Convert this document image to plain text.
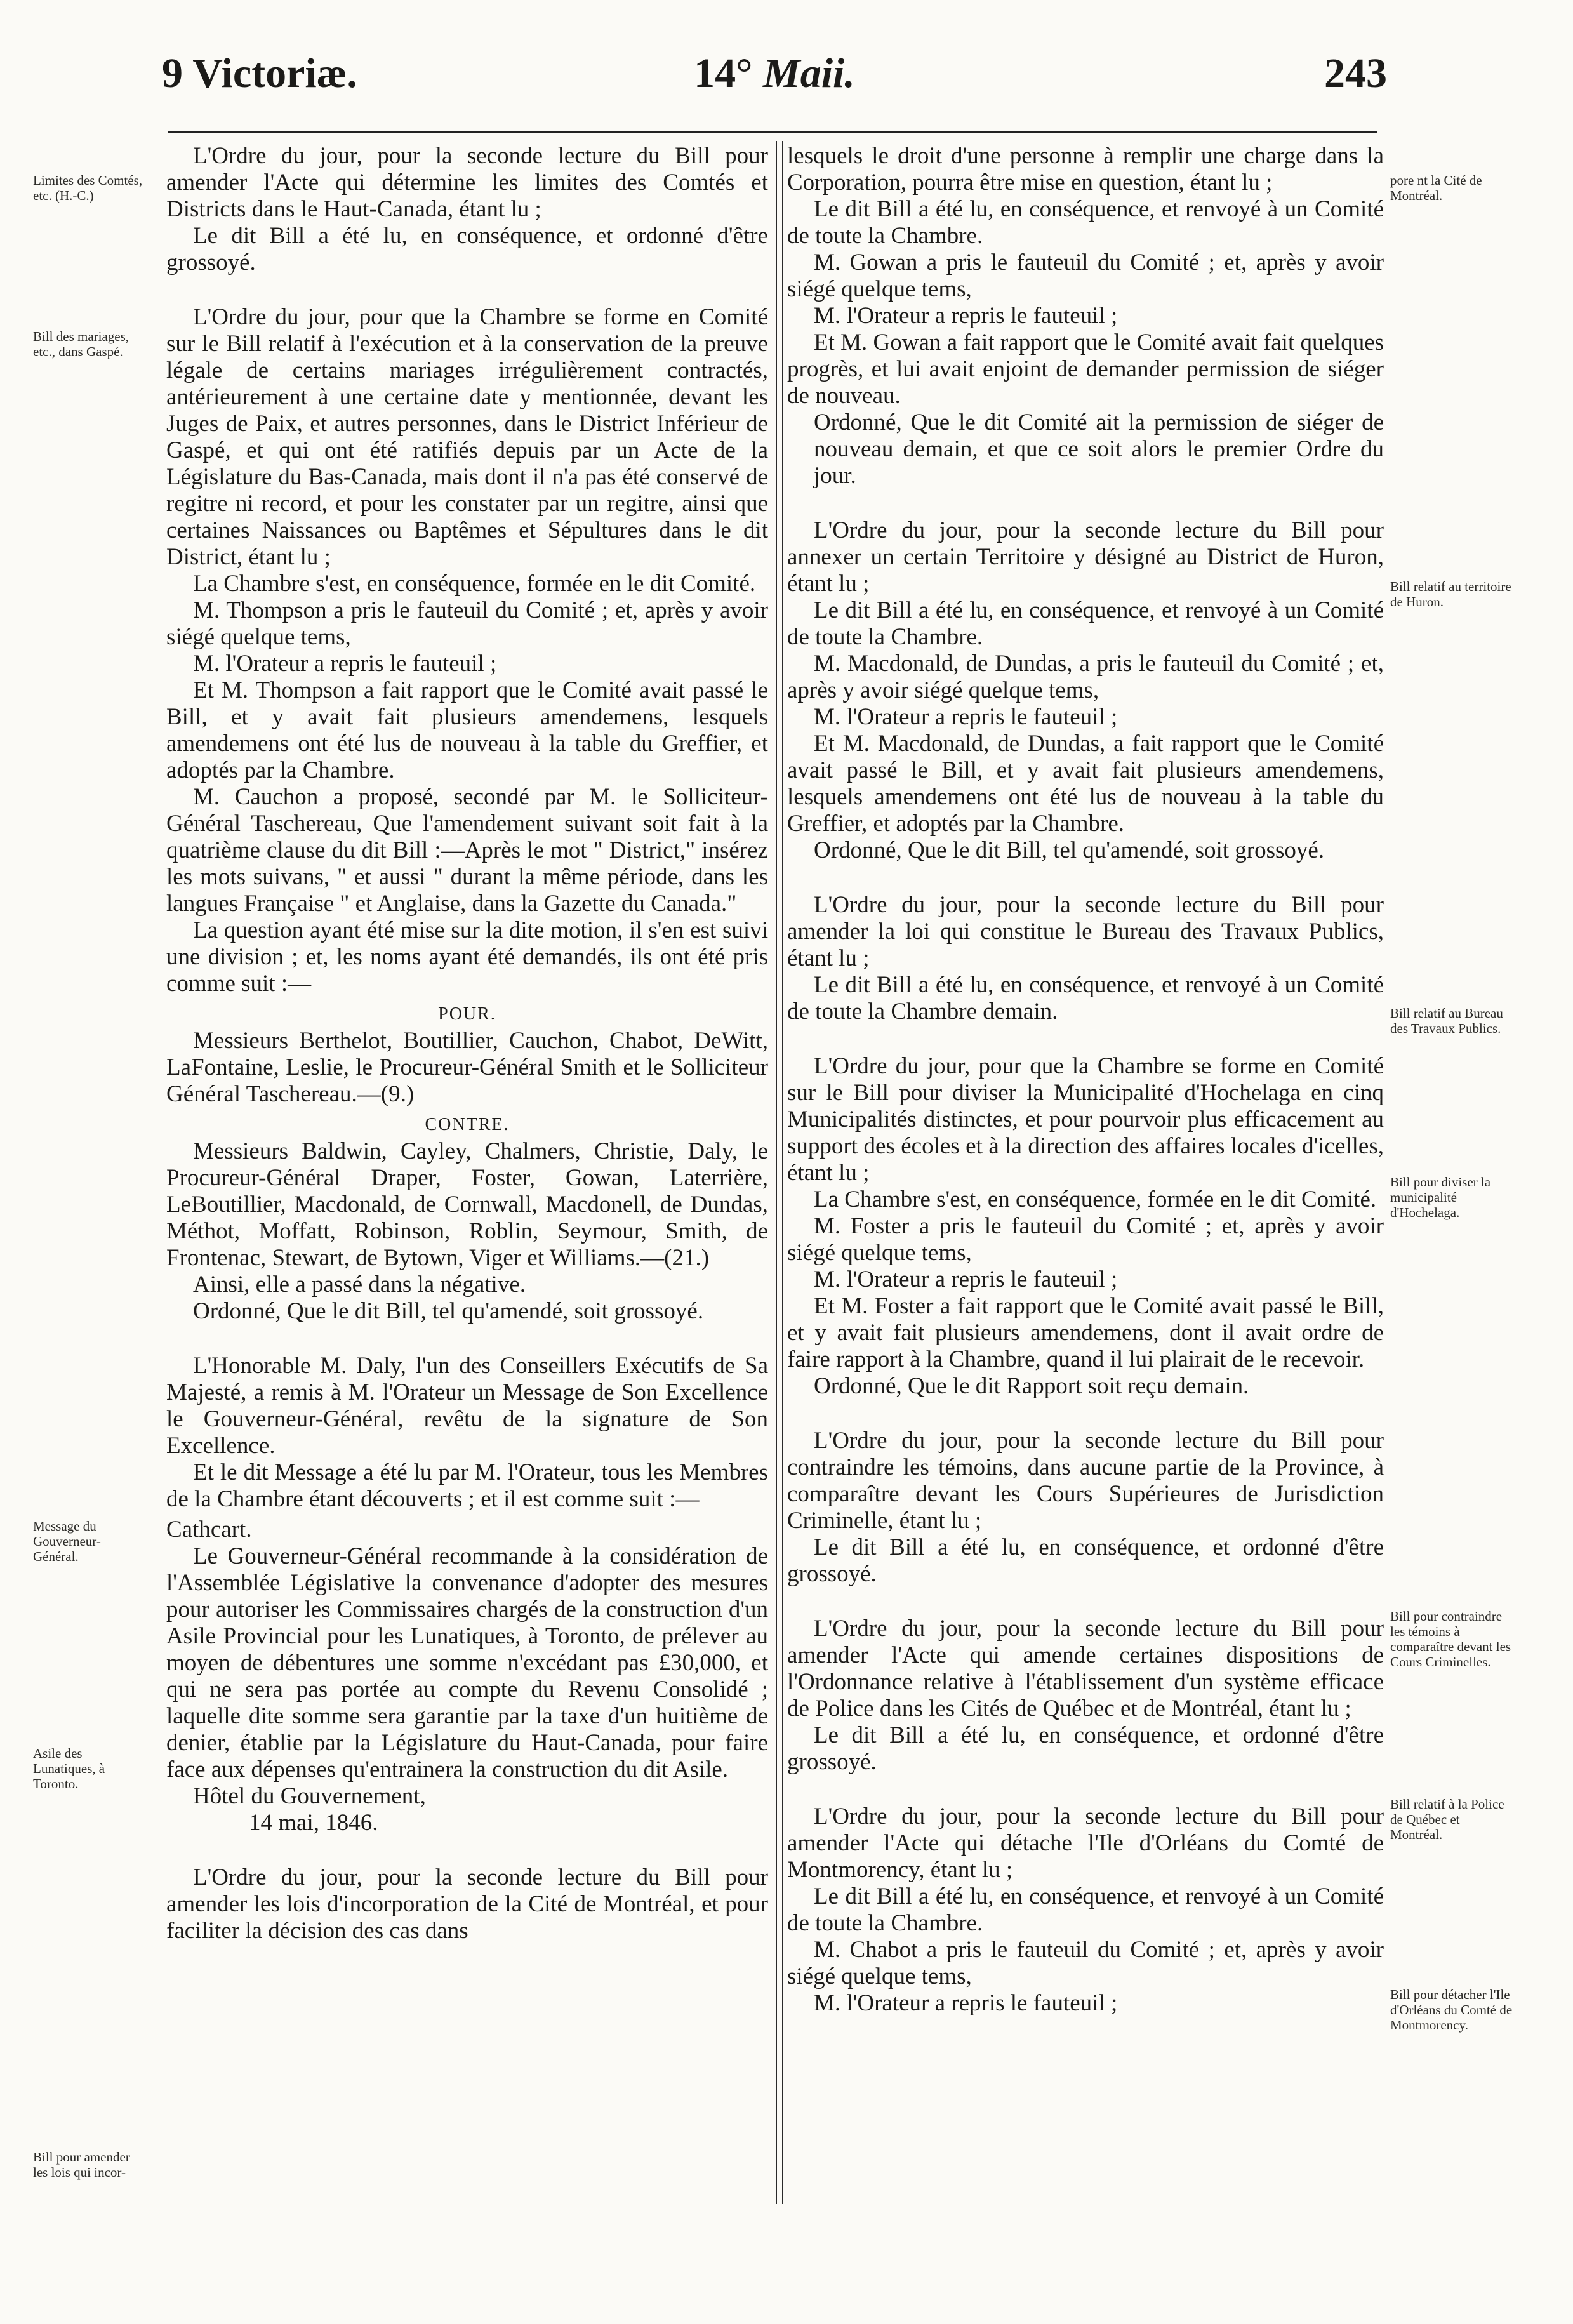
9 Victoriæ.	14° Maii.	243

L'Ordre du jour, pour la seconde lecture du Bill pour amender l'Acte qui détermine les limites des Comtés et Districts dans le Haut-Canada, étant lu ;

Le dit Bill a été lu, en conséquence, et ordonné d'être grossoyé.

L'Ordre du jour, pour que la Chambre se forme en Comité sur le Bill relatif à l'exécution et à la conservation de la preuve légale de certains mariages irrégulièrement contractés, antérieurement à une certaine date y mentionnée, devant les Juges de Paix, et autres personnes, dans le District Inférieur de Gaspé, et qui ont été ratifiés depuis par un Acte de la Législature du Bas-Canada, mais dont il n'a pas été conservé de regitre ni record, et pour les constater par un regitre, ainsi que certaines Naissances ou Baptêmes et Sépultures dans le dit District, étant lu ;

La Chambre s'est, en conséquence, formée en le dit Comité.

M. Thompson a pris le fauteuil du Comité ; et, après y avoir siégé quelque tems,

M. l'Orateur a repris le fauteuil ;

Et M. Thompson a fait rapport que le Comité avait passé le Bill, et y avait fait plusieurs amendemens, lesquels amendemens ont été lus de nouveau à la table du Greffier, et adoptés par la Chambre.

M. Cauchon a proposé, secondé par M. le Solliciteur-Général Taschereau, Que l'amendement suivant soit fait à la quatrième clause du dit Bill :—Après le mot " District," insérez les mots suivans, " et aussi " durant la même période, dans les langues Française " et Anglaise, dans la Gazette du Canada."

La question ayant été mise sur la dite motion, il s'en est suivi une division ; et, les noms ayant été demandés, ils ont été pris comme suit :—

POUR.

Messieurs Berthelot, Boutillier, Cauchon, Chabot, DeWitt, LaFontaine, Leslie, le Procureur-Général Smith et le Solliciteur Général Taschereau.—(9.)

CONTRE.

Messieurs Baldwin, Cayley, Chalmers, Christie, Daly, le Procureur-Général Draper, Foster, Gowan, Laterrière, LeBoutillier, Macdonald, de Cornwall, Macdonell, de Dundas, Méthot, Moffatt, Robinson, Roblin, Seymour, Smith, de Frontenac, Stewart, de Bytown, Viger et Williams.—(21.)

Ainsi, elle a passé dans la négative.

Ordonné, Que le dit Bill, tel qu'amendé, soit grossoyé.

L'Honorable M. Daly, l'un des Conseillers Exécutifs de Sa Majesté, a remis à M. l'Orateur un Message de Son Excellence le Gouverneur-Général, revêtu de la signature de Son Excellence.

Et le dit Message a été lu par M. l'Orateur, tous les Membres de la Chambre étant découverts ; et il est comme suit :—

Cathcart.

Le Gouverneur-Général recommande à la considération de l'Assemblée Législative la convenance d'adopter des mesures pour autoriser les Commissaires chargés de la construction d'un Asile Provincial pour les Lunatiques, à Toronto, de prélever au moyen de débentures une somme n'excédant pas £30,000, et qui ne sera pas portée au compte du Revenu Consolidé ; laquelle dite somme sera garantie par la taxe d'un huitième de denier, établie par la Législature du Haut-Canada, pour faire face aux dépenses qu'entrainera la construction du dit Asile.

Hôtel du Gouvernement,

14 mai, 1846.

L'Ordre du jour, pour la seconde lecture du Bill pour amender les lois d'incorporation de la Cité de Montréal, et pour faciliter la décision des cas dans

lesquels le droit d'une personne à remplir une charge dans la Corporation, pourra être mise en question, étant lu ;

Le dit Bill a été lu, en conséquence, et renvoyé à un Comité de toute la Chambre.

M. Gowan a pris le fauteuil du Comité ; et, après y avoir siégé quelque tems,

M. l'Orateur a repris le fauteuil ;

Et M. Gowan a fait rapport que le Comité avait fait quelques progrès, et lui avait enjoint de demander permission de siéger de nouveau.

Ordonné, Que le dit Comité ait la permission de siéger de nouveau demain, et que ce soit alors le premier Ordre du jour.

L'Ordre du jour, pour la seconde lecture du Bill pour annexer un certain Territoire y désigné au District de Huron, étant lu ;

Le dit Bill a été lu, en conséquence, et renvoyé à un Comité de toute la Chambre.

M. Macdonald, de Dundas, a pris le fauteuil du Comité ; et, après y avoir siégé quelque tems,

M. l'Orateur a repris le fauteuil ;

Et M. Macdonald, de Dundas, a fait rapport que le Comité avait passé le Bill, et y avait fait plusieurs amendemens, lesquels amendemens ont été lus de nouveau à la table du Greffier, et adoptés par la Chambre.

Ordonné, Que le dit Bill, tel qu'amendé, soit grossoyé.

L'Ordre du jour, pour la seconde lecture du Bill pour amender la loi qui constitue le Bureau des Travaux Publics, étant lu ;

Le dit Bill a été lu, en conséquence, et renvoyé à un Comité de toute la Chambre demain.

L'Ordre du jour, pour que la Chambre se forme en Comité sur le Bill pour diviser la Municipalité d'Hochelaga en cinq Municipalités distinctes, et pour pourvoir plus efficacement au support des écoles et à la direction des affaires locales d'icelles, étant lu ;

La Chambre s'est, en conséquence, formée en le dit Comité.

M. Foster a pris le fauteuil du Comité ; et, après y avoir siégé quelque tems,

M. l'Orateur a repris le fauteuil ;

Et M. Foster a fait rapport que le Comité avait passé le Bill, et y avait fait plusieurs amendemens, dont il avait ordre de faire rapport à la Chambre, quand il lui plairait de le recevoir.

Ordonné, Que le dit Rapport soit reçu demain.

L'Ordre du jour, pour la seconde lecture du Bill pour contraindre les témoins, dans aucune partie de la Province, à comparaître devant les Cours Supérieures de Jurisdiction Criminelle, étant lu ;

Le dit Bill a été lu, en conséquence, et ordonné d'être grossoyé.

L'Ordre du jour, pour la seconde lecture du Bill pour amender l'Acte qui amende certaines dispositions de l'Ordonnance relative à l'établissement d'un système efficace de Police dans les Cités de Québec et de Montréal, étant lu ;

Le dit Bill a été lu, en conséquence, et ordonné d'être grossoyé.

L'Ordre du jour, pour la seconde lecture du Bill pour amender l'Acte qui détache l'Ile d'Orléans du Comté de Montmorency, étant lu ;

Le dit Bill a été lu, en conséquence, et renvoyé à un Comité de toute la Chambre.

M. Chabot a pris le fauteuil du Comité ; et, après y avoir siégé quelque tems,

M. l'Orateur a repris le fauteuil ;

Limites des Comtés, etc. (H.-C.)
Bill des mariages, etc., dans Gaspé.
Message du Gouverneur-Général.
Asile des Lunatiques, à Toronto.
Bill pour amender les lois qui incor-
pore nt la Cité de Montréal.
Bill relatif au territoire de Huron.
Bill relatif au Bureau des Travaux Publics.
Bill pour diviser la municipalité d'Hochelaga.
Bill pour contraindre les témoins à comparaître devant les Cours Criminelles.
Bill relatif à la Police de Québec et Montréal.
Bill pour détacher l'Ile d'Orléans du Comté de Montmorency.
